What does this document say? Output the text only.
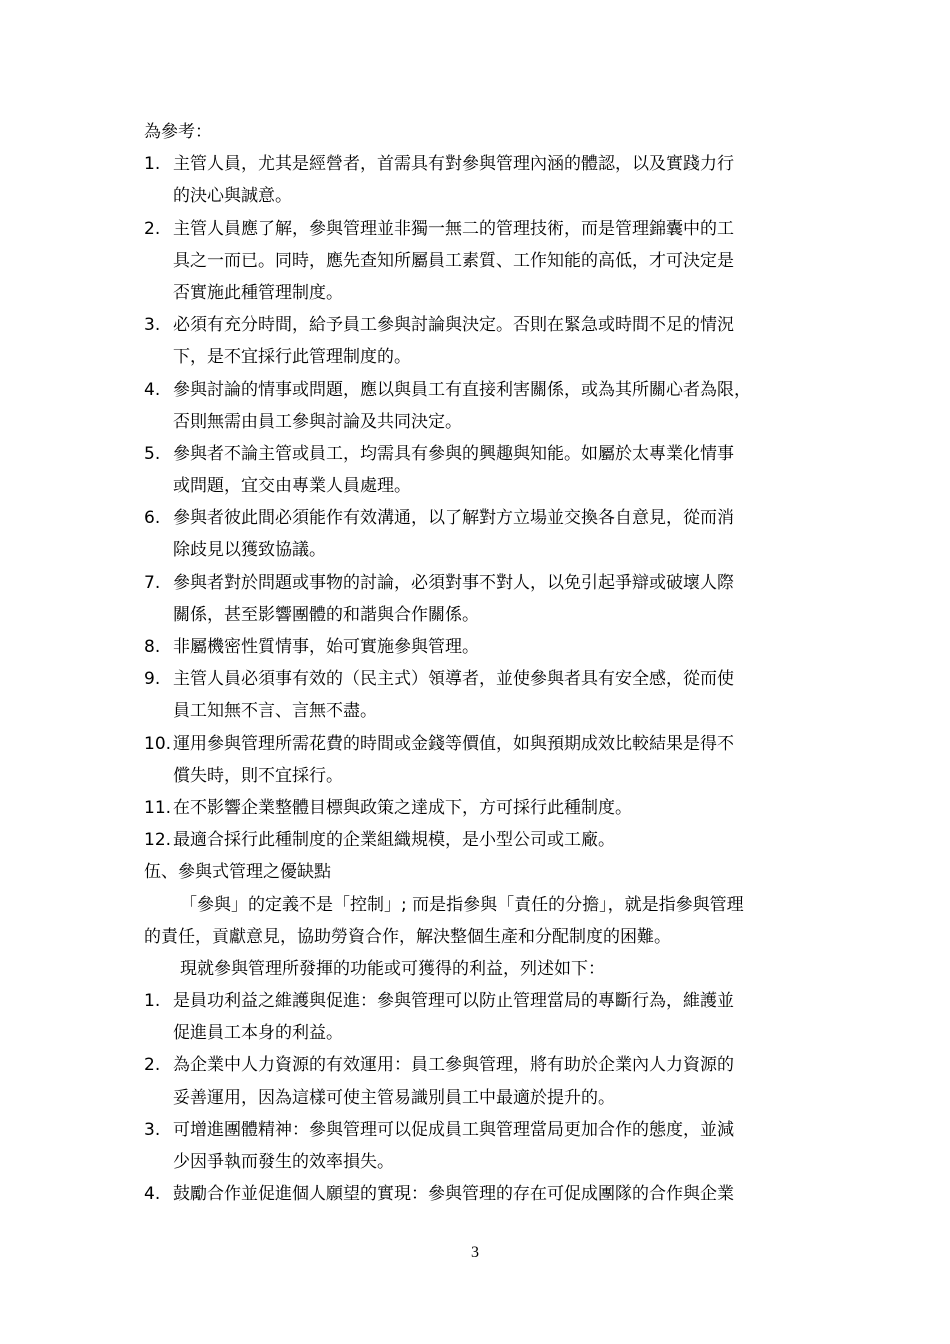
為參考：
1. 主管人員，尤其是經營者，首需具有對參與管理內涵的體認，以及實踐力行
的決心與誠意。
2. 主管人員應了解，參與管理並非獨一無二的管理技術，而是管理錦囊中的工
具之一而已。同時，應先查知所屬員工素質、工作知能的高低，才可決定是
否實施此種管理制度。
3. 必須有充分時間，給予員工參與討論與決定。否則在緊急或時間不足的情況
下，是不宜採行此管理制度的。
4. 參與討論的情事或問題，應以與員工有直接利害關係，或為其所關心者為限，
否則無需由員工參與討論及共同決定。
5. 參與者不論主管或員工，均需具有參與的興趣與知能。如屬於太專業化情事
或問題，宜交由專業人員處理。
6. 參與者彼此間必須能作有效溝通，以了解對方立場並交換各自意見，從而消
除歧見以獲致協議。
7. 參與者對於問題或事物的討論，必須對事不對人，以免引起爭辯或破壞人際
關係，甚至影響團體的和諧與合作關係。
8. 非屬機密性質情事，始可實施參與管理。
9. 主管人員必須事有效的（民主式）領導者，並使參與者具有安全感，從而使
員工知無不言、言無不盡。
10. 運用參與管理所需花費的時間或金錢等價值，如與預期成效比較結果是得不
償失時，則不宜採行。
11. 在不影響企業整體目標與政策之達成下，方可採行此種制度。
12. 最適合採行此種制度的企業組織規模，是小型公司或工廠。
伍、參與式管理之優缺點
「參與」的定義不是「控制」; 而是指參與「責任的分擔」，就是指參與管理
的責任，貢獻意見，協助勞資合作，解決整個生產和分配制度的困難。
現就參與管理所發揮的功能或可獲得的利益，列述如下：
1. 是員功利益之維護與促進：參與管理可以防止管理當局的專斷行為，維護並
促進員工本身的利益。
2. 為企業中人力資源的有效運用：員工參與管理，將有助於企業內人力資源的
妥善運用，因為這樣可使主管易識別員工中最適於提升的。
3. 可增進團體精神：參與管理可以促成員工與管理當局更加合作的態度，並減
少因爭執而發生的效率損失。
4. 鼓勵合作並促進個人願望的實現：參與管理的存在可促成團隊的合作與企業
3
